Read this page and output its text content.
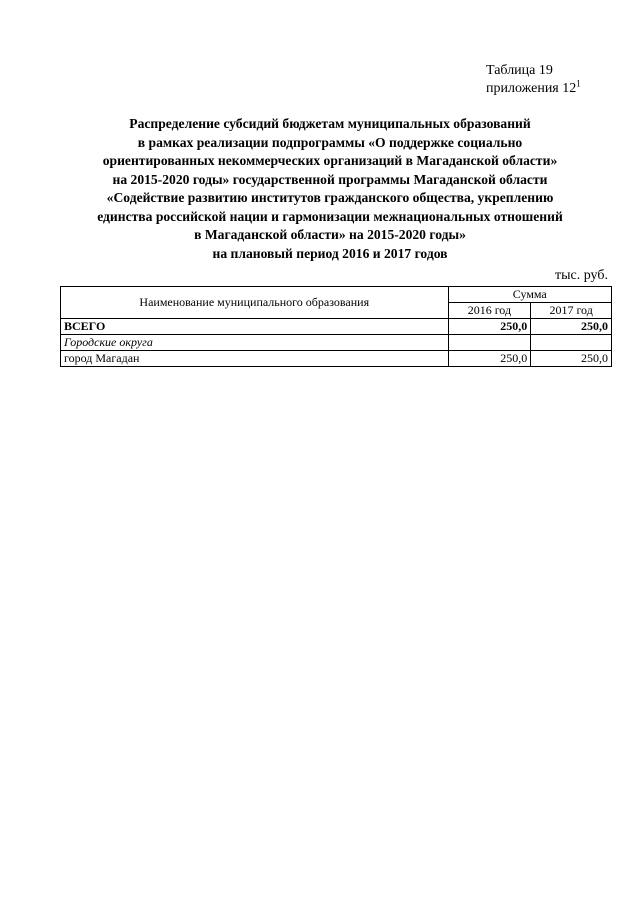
Таблица 19
приложения $12^1$
Распределение субсидий бюджетам муниципальных образований
в рамках реализации подпрограммы «О поддержке социально
ориентированных некоммерческих организаций в Магаданской области»
на 2015-2020 годы» государственной программы Магаданской области
«Содействие развитию институтов гражданского общества, укреплению
единства российской нации и гармонизации межнациональных отношений
в Магаданской области» на 2015-2020 годы»
на плановый период 2016 и 2017 годов
тыс. руб.
Наименование муниципального образования	Сумма	
	2016 год	2017 год
ВСЕГО	250,0	250,0
Городские округа		
город Магадан	250,0	250,0
